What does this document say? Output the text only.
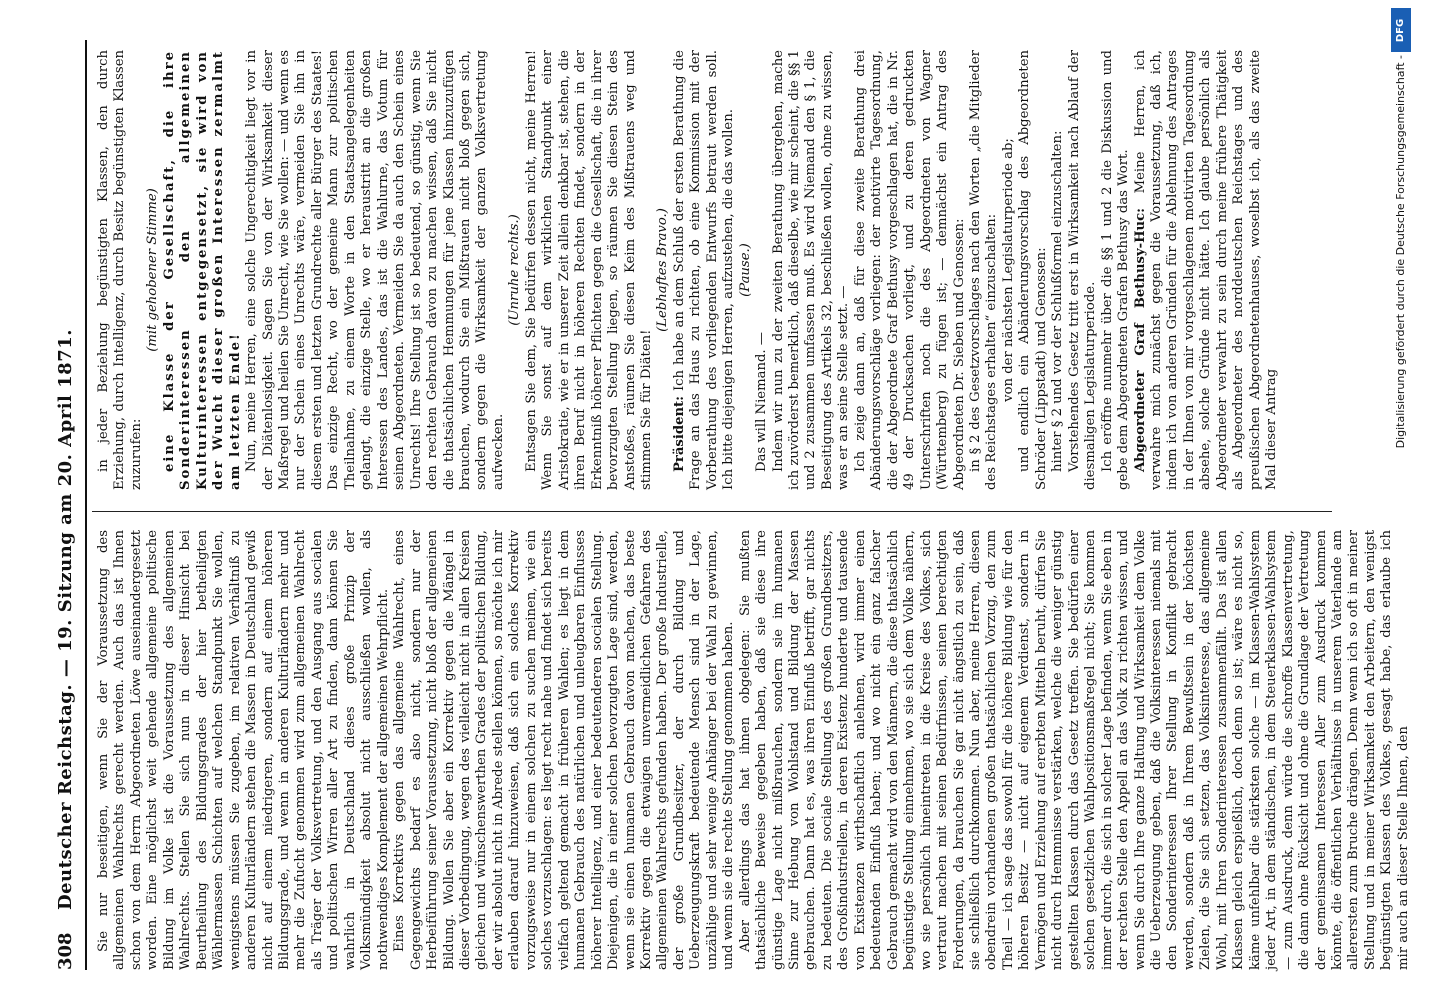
308
Deutscher Reichstag. — 19. Sitzung am 20. April 1871. Sie nur beseitigen, wenn Sie der Voraussetzung des allgemeinen Wahlrechts gerecht werden. Auch das ist Ihnen schon von dem Herrn Abgeordneten Löwe auseinandergesetzt worden. Eine möglichst weit gehende allgemeine politische Bildung im Volke ist die Voraussetzung des allgemeinen Wahlrechts. Stellen Sie sich nun in dieser Hinsicht bei Beurtheilung des Bildungsgrades der hier betheiligten Wählermassen Schichten auf welchen Standpunkt Sie wollen, wenigstens müssen Sie zugeben, im relativen Verhältniß zu anderen Kulturländern stehen die Massen in Deutschland gewiß nicht auf einem niedrigeren, sondern auf einem höheren Bildungsgrade, und wenn in anderen Kulturländern mehr und mehr die Zufucht genommen wird zum allgemeinen Wahlrecht als Träger der Volksvertretung, und den Ausgang aus socialen und politischen Wirren aller Art zu finden, dann können Sie wahrlich in Deutschland dieses große Prinzip der Volksmündigkeit absolut nicht ausschließen wollen, als nothwendiges Komplement der allgemeinen Wehrpflicht. Eines Korrektivs gegen das allgemeine Wahlrecht, eines Gegengewichts bedarf es also nicht, sondern nur der Herbeiführung seiner Voraussetzung, nicht bloß der allgemeinen Bildung. Wollen Sie aber ein Korrektiv gegen die Mängel in dieser Vorbedingung, wegen des vielleicht nicht in allen Kreisen gleichen und wünschenswerthen Grades der politischen Bildung, der wir absolut nicht in Abrede stellen können, so möchte ich mir erlauben darauf hinzuweisen, daß sich ein solches Korrektiv vorzugsweise nur in einem solchen zu suchen meinen, wie ein solches vorzuschlagen: es liegt recht nahe und findet sich bereits vielfach geltend gemacht in früheren Wahlen; es liegt in dem humanen Gebrauch des natürlichen und unleugbaren Einflusses höherer Intelligenz, und einer bedeutenderen socialen Stellung. Diejenigen, die in einer solchen bevorzugten Lage sind, werden, wenn sie einen humanen Gebrauch davon machen, das beste Korrektiv gegen die etwaigen unvermeidlichen Gefahren des allgemeinen Wahlrechts gefunden haben. Der große Industrielle, der große Grundbesitzer, der durch Bildung und Ueberzeugungskraft bedeutende Mensch sind in der Lage, unzählige und sehr wenige Anhänger bei der Wahl zu gewinnen, und wenn sie die rechte Stellung genommen haben. Aber allerdings das hat ihnen obgelegen: Sie mußten thatsächliche Beweise gegeben haben, daß sie diese ihre günstige Lage nicht mißbrauchen, sondern sie im humanen Sinne zur Hebung von Wohlstand und Bildung der Massen gebrauchen. Dann hat es, was ihren Einfluß betrifft, gar nichts zu bedeuten. Die sociale Stellung des großen Grundbesitzers, des Großindustriellen, in deren Existenz hunderte und tausende von Existenzen wirthschaftlich anlehnen, wird immer einen bedeutenden Einfluß haben; und wo nicht ein ganz falscher Gebrauch gemacht wird von den Männern, die diese thatsächlich begünstigte Stellung einnehmen, wo sie sich dem Volke nähern, wo sie persönlich hineintreten in die Kreise des Volkes, sich vertraut machen mit seinen Bedürfnissen, seinen berechtigten Forderungen, da brauchen Sie gar nicht ängstlich zu sein, daß sie schließlich durchkommen. Nun aber, meine Herren, diesen obendrein vorhandenen großen thatsächlichen Vorzug, den zum Theil — ich sage das sowohl für die höhere Bildung wie für den höheren Besitz — nicht auf eigenem Verdienst, sondern in Vermögen und Erziehung auf ererbten Mitteln beruht, dürfen Sie nicht durch Hemmnisse verstärken, welche die weniger günstig gestellten Klassen durch das Gesetz treffen. Sie bedürfen einer solchen gesetzlichen Wahlpositionsmaßregel nicht; Sie kommen immer durch, die sich in solcher Lage befinden, wenn Sie eben in der rechten Stelle den Appell an das Volk zu richten wissen, und wenn Sie durch Ihre ganze Haltung und Wirksamkeit dem Volke die Ueberzeugung geben, daß die Volksinteressen niemals mit den Sonderinteressen Ihrer Stellung in Konflikt gebracht werden, sondern daß in Ihrem Bewußtsein in der höchsten Zielen, die Sie sich setzen, das Volksinteresse, das allgemeine Wohl, mit Ihren Sonderinteressen zusammenfällt. Das ist allen Klassen gleich erspießlich, doch denn so ist; wäre es nicht so, käme unfehlbar die stärksten solche — im Klassen-Wahlsystem jeder Art, in dem ständischen, in dem Steuerklassen-Wahlsystem — zum Ausdruck, denn würde die schroffe Klassenvertretung, die dann ohne Rücksicht und ohne die Grundlage der Vertretung der gemeinsamen Interessen Aller zum Ausdruck kommen könnte, die öffentlichen Verhältnisse in unserem Vaterlande am allerersten zum Bruche drängen. Denn wenn ich so oft in meiner Stellung und in meiner Wirksamkeit den Arbeitern, den wenigst begünstigten Klassen des Volkes, gesagt habe, das erlaube ich mir auch an dieser Stelle Ihnen, den

in jeder Beziehung begünstigten Klassen, den durch Erziehung, durch Intelligenz, durch Besitz begünstigten Klassen zuzurufen:

(mit gehobener Stimme) eine Klasse der Gesellschaft, die ihre Sonderinteressen den allgemeinen Kulturinteressen entgegensetzt, sie wird von der Wucht dieser großen Interessen zermalmt am letzten Ende! Nun, meine Herren, eine solche Ungerechtigkeit liegt vor in der Diätenlosigkeit. Sagen Sie von der Wirksamkeit dieser Maßregel und heilen Sie Unrecht, wie Sie wollen: — und wenn es nur der Schein eines Unrechts wäre, vermeiden Sie ihn in diesem ersten und letzten Grundrechte aller Bürger des Staates! Das einzige Recht, wo der gemeine Mann zur politischen Theilnahme, zu einem Worte in den Staatsangelegenheiten gelangt, die einzige Stelle, wo er heraustritt an die großen Interessen des Landes, das ist die Wahlurne, das Votum für seinen Abgeordneten. Vermeiden Sie da auch den Schein eines Unrechts! Ihre Stellung ist so bedeutend, so günstig, wenn Sie den rechten Gebrauch davon zu machen wissen, daß Sie nicht die thatsächlichen Hemmungen für jene Klassen hinzuzufügen brauchen, wodurch Sie ein Mißtrauen nicht bloß gegen sich, sondern gegen die Wirksamkeit der ganzen Volksvertretung aufwecken.

(Unruhe rechts.) Entsagen Sie dem, Sie bedürfen dessen nicht, meine Herren! Wenn Sie sonst auf dem wirklichen Standpunkt einer Aristokratie, wie er in unserer Zeit allein denkbar ist, stehen, die ihren Beruf nicht in höheren Rechten findet, sondern in der Erkenntniß höherer Pflichten gegen die Gesellschaft, die in ihrer bevorzugten Stellung liegen, so räumen Sie diesen Stein des Anstoßes, räumen Sie diesen Keim des Mißtrauens weg und stimmen Sie für Diäten!

(Lebhaftes Bravo.)

Präsident: Ich habe an dem Schluß der ersten Berathung die Frage an das Haus zu richten, ob eine Kommission mit der Vorberathung des vorliegenden Entwurfs betraut werden soll. Ich bitte diejenigen Herren, aufzustehen, die das wollen. (Pause.)

Das will Niemand. — Indem wir nun zu der zweiten Berathung übergehen, mache ich zuvörderst bemerklich, daß dieselbe, wie mir scheint, die §§ 1 und 2 zusammen umfassen muß. Es wird Niemand den § 1, die Beseitigung des Artikels 32, beschließen wollen, ohne zu wissen, was er an seine Stelle setzt. — Ich zeige dann an, daß für diese zweite Berathung drei Abänderungsvorschläge vorliegen: der motivirte Tagesordnung, die der Abgeordnete Graf Bethusy vorgeschlagen hat, die in Nr. 49 der Drucksachen vorliegt, und zu deren gedruckten Unterschriften noch die des Abgeordneten von Wagner (Württemberg) zu fügen ist; — demnächst ein Antrag des Abgeordneten Dr. Sieben und Genossen: in § 2 des Gesetzvorschlages nach den Worten „die Mitglieder des Reichstages erhalten“ einzuschalten: von der nächsten Legislaturperiode ab; und endlich ein Abänderungsvorschlag des Abgeordneten Schröder (Lippstadt) und Genossen: hinter § 2 und vor der Schlußformel einzuschalten: Vorstehendes Gesetz tritt erst in Wirksamkeit nach Ablauf der diesmaligen Legislaturperiode. Ich eröffne nunmehr über die §§ 1 und 2 die Diskussion und gebe dem Abgeordneten Grafen Bethusy das Wort. Abgeordneter Graf Bethusy-Huc: Meine Herren, ich verwahre mich zunächst gegen die Voraussetzung, daß ich, indem ich von anderen Gründen für die Ablehnung des Antrages in der Ihnen von mir vorgeschlagenen motivirten Tagesordnung absehe, solche Gründe nicht hätte. Ich glaube persönlich als Abgeordneter verwahrt zu sein durch meine frühere Thätigkeit als Abgeordneter des norddeutschen Reichstages und des preußischen Abgeordnetenhauses, woselbst ich, als das zweite Mal dieser Antrag	Digitalisierung gefördert durch die Deutsche Forschungsgemeinschaft -
DFG
